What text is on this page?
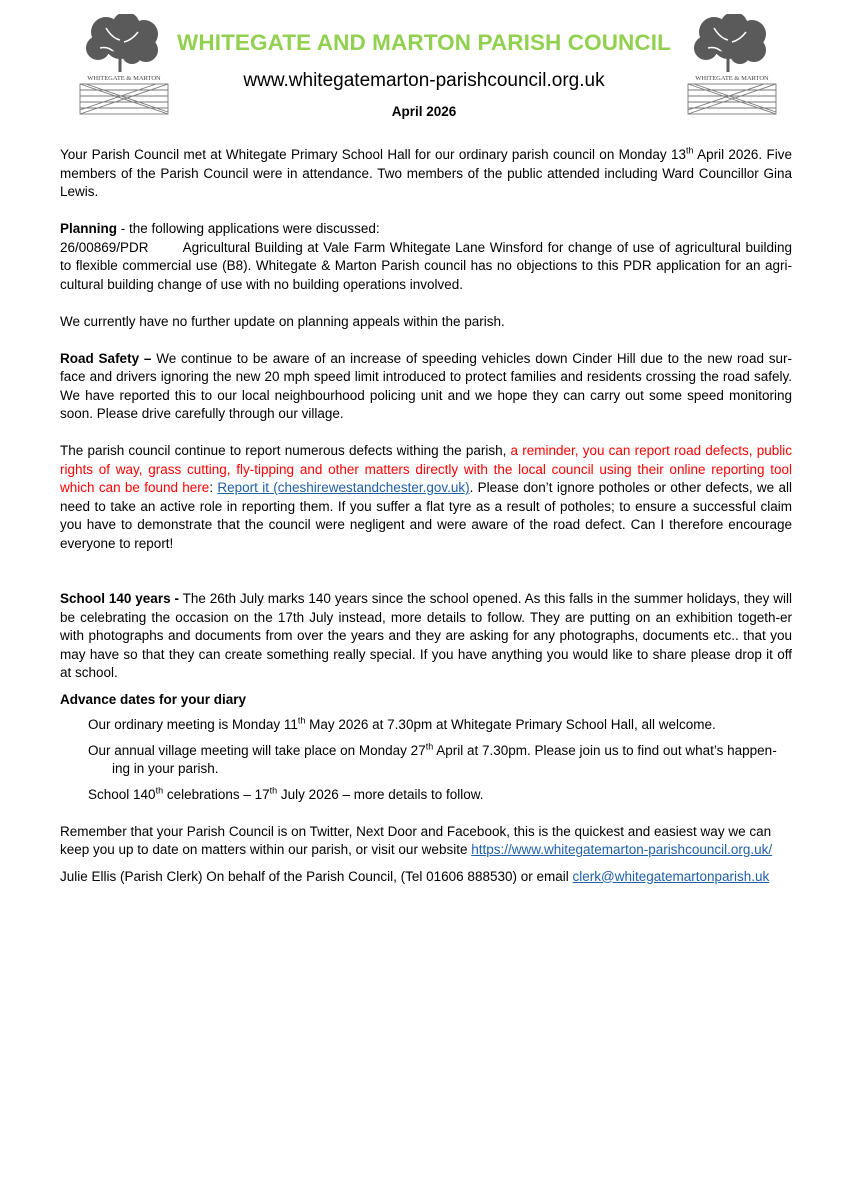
WHITEGATE & MARTON	WHITEGATE & MARTON
WHITEGATE AND MARTON PARISH COUNCIL

www.whitegatemarton-parishcouncil.org.uk

April 2026

Your Parish Council met at Whitegate Primary School Hall for our ordinary parish council on Monday 13th April 2026. Five members of the Parish Council were in attendance. Two members of the public attended including Ward Councillor Gina Lewis.

Planning - the following applications were discussed:

26/00869/PDR	Agricultural Building at Vale Farm Whitegate Lane Winsford for change of use of agricultural building to flexible commercial use (B8). Whitegate & Marton Parish council has no objections to this PDR application for an agri-cultural building change of use with no building operations involved.

We currently have no further update on planning appeals within the parish.

Road Safety – We continue to be aware of an increase of speeding vehicles down Cinder Hill due to the new road sur-face and drivers ignoring the new 20 mph speed limit introduced to protect families and residents crossing the road safely. We have reported this to our local neighbourhood policing unit and we hope they can carry out some speed monitoring soon. Please drive carefully through our village.

The parish council continue to report numerous defects withing the parish, a reminder, you can report road defects, public rights of way, grass cutting, fly-tipping and other matters directly with the local council using their online reporting tool which can be found here: Report it (cheshirewestandchester.gov.uk). Please don’t ignore potholes or other defects, we all need to take an active role in reporting them. If you suffer a flat tyre as a result of potholes; to ensure a successful claim you have to demonstrate that the council were negligent and were aware of the road defect. Can I therefore encourage everyone to report!

School 140 years - The 26th July marks 140 years since the school opened. As this falls in the summer holidays, they will be celebrating the occasion on the 17th July instead, more details to follow. They are putting on an exhibition togeth-er with photographs and documents from over the years and they are asking for any photographs, documents etc.. that you may have so that they can create something really special. If you have anything you would like to share please drop it off at school.

Advance dates for your diary

Our ordinary meeting is Monday 11th May 2026 at 7.30pm at Whitegate Primary School Hall, all welcome.

Our annual village meeting will take place on Monday 27th April at 7.30pm. Please join us to find out what’s happen-ing in your parish.

School 140th celebrations – 17th July 2026 – more details to follow.

Remember that your Parish Council is on Twitter, Next Door and Facebook, this is the quickest and easiest way we can keep you up to date on matters within our parish, or visit our website https://www.whitegatemarton-parishcouncil.org.uk/

Julie Ellis (Parish Clerk) On behalf of the Parish Council, (Tel 01606 888530) or email clerk@whitegatemartonparish.uk
